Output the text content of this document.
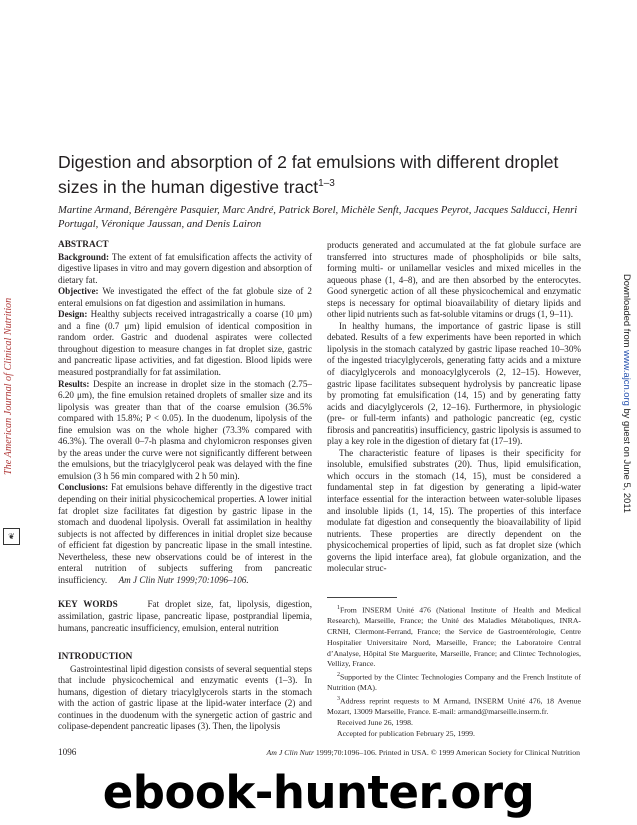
The American Journal of Clinical Nutrition
❦
Downloaded from www.ajcn.org by guest on June 5, 2011
Digestion and absorption of 2 fat emulsions with different droplet sizes in the human digestive tract$^{1-3}$

Martine Armand, Bérengère Pasquier, Marc André, Patrick Borel, Michèle Senft, Jacques Peyrot, Jacques Salducci, Henri Portugal, Véronique Jaussan, and Denis Lairon

ABSTRACT

Background: The extent of fat emulsification affects the activity of digestive lipases in vitro and may govern digestion and absorption of dietary fat.

Objective: We investigated the effect of the fat globule size of 2 enteral emulsions on fat digestion and assimilation in humans.

Design: Healthy subjects received intragastrically a coarse (10 μm) and a fine (0.7 μm) lipid emulsion of identical composition in random order. Gastric and duodenal aspirates were collected throughout digestion to measure changes in fat droplet size, gastric and pancreatic lipase activities, and fat digestion. Blood lipids were measured postprandially for fat assimilation.

Results: Despite an increase in droplet size in the stomach (2.75–6.20 μm), the fine emulsion retained droplets of smaller size and its lipolysis was greater than that of the coarse emulsion (36.5% compared with 15.8%; P < 0.05). In the duodenum, lipolysis of the fine emulsion was on the whole higher (73.3% compared with 46.3%). The overall 0–7-h plasma and chylomicron responses given by the areas under the curve were not significantly different between the emulsions, but the triacylglycerol peak was delayed with the fine emulsion (3 h 56 min compared with 2 h 50 min).

Conclusions: Fat emulsions behave differently in the digestive tract depending on their initial physicochemical properties. A lower initial fat droplet size facilitates fat digestion by gastric lipase in the stomach and duodenal lipolysis. Overall fat assimilation in healthy subjects is not affected by differences in initial droplet size because of efficient fat digestion by pancreatic lipase in the small intestine. Nevertheless, these new observations could be of interest in the enteral nutrition of subjects suffering from pancreatic insufficiency. Am J Clin Nutr 1999;70:1096–106.

KEY WORDS	Fat droplet size, fat, lipolysis, digestion, assimilation, gastric lipase, pancreatic lipase, postprandial lipemia, humans, pancreatic insufficiency, emulsion, enteral nutrition

INTRODUCTION

Gastrointestinal lipid digestion consists of several sequential steps that include physicochemical and enzymatic events (1–3). In humans, digestion of dietary triacylglycerols starts in the stomach with the action of gastric lipase at the lipid-water interface (2) and continues in the duodenum with the synergetic action of gastric and colipase-dependent pancreatic lipases (3). Then, the lipolysis

products generated and accumulated at the fat globule surface are transferred into structures made of phospholipids or bile salts, forming multi- or unilamellar vesicles and mixed micelles in the aqueous phase (1, 4–8), and are then absorbed by the enterocytes. Good synergetic action of all these physicochemical and enzymatic steps is necessary for optimal bioavailability of dietary lipids and other lipid nutrients such as fat-soluble vitamins or drugs (1, 9–11).

In healthy humans, the importance of gastric lipase is still debated. Results of a few experiments have been reported in which lipolysis in the stomach catalyzed by gastric lipase reached 10–30% of the ingested triacylglycerols, generating fatty acids and a mixture of diacylglycerols and monoacylglycerols (2, 12–15). However, gastric lipase facilitates subsequent hydrolysis by pancreatic lipase by promoting fat emulsification (14, 15) and by generating fatty acids and diacylglycerols (2, 12–16). Furthermore, in physiologic (pre- or full-term infants) and pathologic pancreatic (eg, cystic fibrosis and pancreatitis) insufficiency, gastric lipolysis is assumed to play a key role in the digestion of dietary fat (17–19).

The characteristic feature of lipases is their specificity for insoluble, emulsified substrates (20). Thus, lipid emulsification, which occurs in the stomach (14, 15), must be considered a fundamental step in fat digestion by generating a lipid-water interface essential for the interaction between water-soluble lipases and insoluble lipids (1, 14, 15). The properties of this interface modulate fat digestion and consequently the bioavailability of lipid nutrients. These properties are directly dependent on the physicochemical properties of lipid, such as fat droplet size (which governs the lipid interface area), fat globule organization, and the molecular struc-

$^1$From INSERM Unité 476 (National Institute of Health and Medical Research), Marseille, France; the Unité des Maladies Métaboliques, INRA-CRNH, Clermont-Ferrand, France; the Service de Gastroentérologie, Centre Hospitalier Universitaire Nord, Marseille, France; the Laboratoire Central d’Analyse, Hôpital Ste Marguerite, Marseille, France; and Clintec Technologies, Vellizy, France.

$^2$Supported by the Clintec Technologies Company and the French Institute of Nutrition (MA).

$^3$Address reprint requests to M Armand, INSERM Unité 476, 18 Avenue Mozart, 13009 Marseille, France. E-mail: armand@marseille.inserm.fr.

Received June 26, 1998.

Accepted for publication February 25, 1999.

1096	Am J Clin Nutr 1999;70:1096–106. Printed in USA. © 1999 American Society for Clinical Nutrition
ebook-hunter.org
